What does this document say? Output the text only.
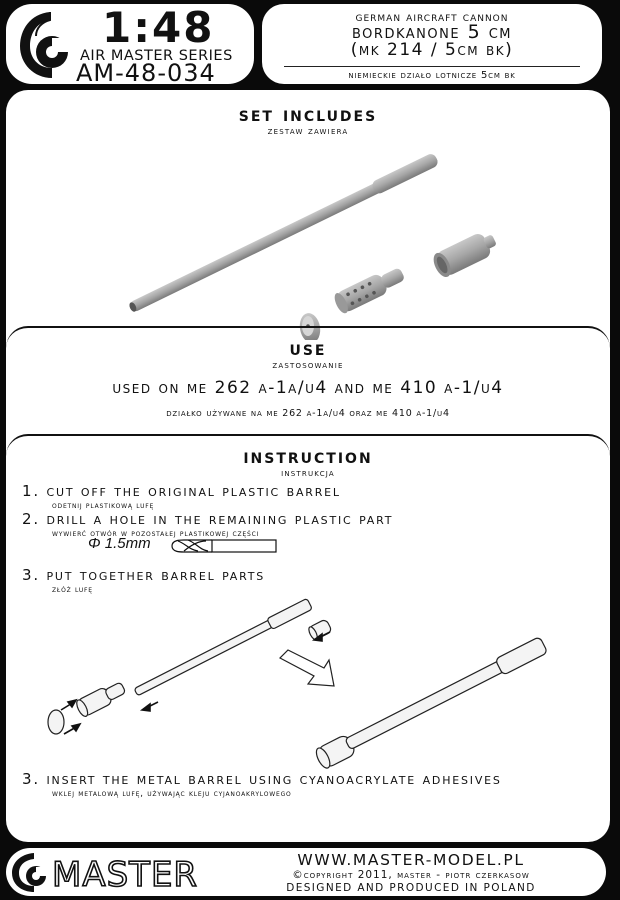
1:48
AIR MASTER SERIES
AM-48-034
german aircraft cannon
bordkanone 5 cm
(mk 214 / 5cm bk)
niemieckie działo lotnicze 5cm bk
set includes
zestaw zawiera
use
zastosowanie
used on me 262 a-1a/u4 and me 410 a-1/u4
działko używane na me 262 a-1a/u4 oraz me 410 a-1/u4
instruction
instrukcja
1. cut off the original plastic barrel
odetnij plastikową lufę
2. drill a hole in the remaining plastic part
wywierć otwór w pozostałej plastikowej części
Φ 1.5mm
3. put together barrel parts
złóż lufę
3. insert the metal barrel using cyanoacrylate adhesives
wklej metalową lufę, używając kleju cyjanoakrylowego
MASTER	WWW.MASTER-MODEL.PL
©copyright 2011, master - piotr czerkasow
DESIGNED AND PRODUCED IN POLAND
